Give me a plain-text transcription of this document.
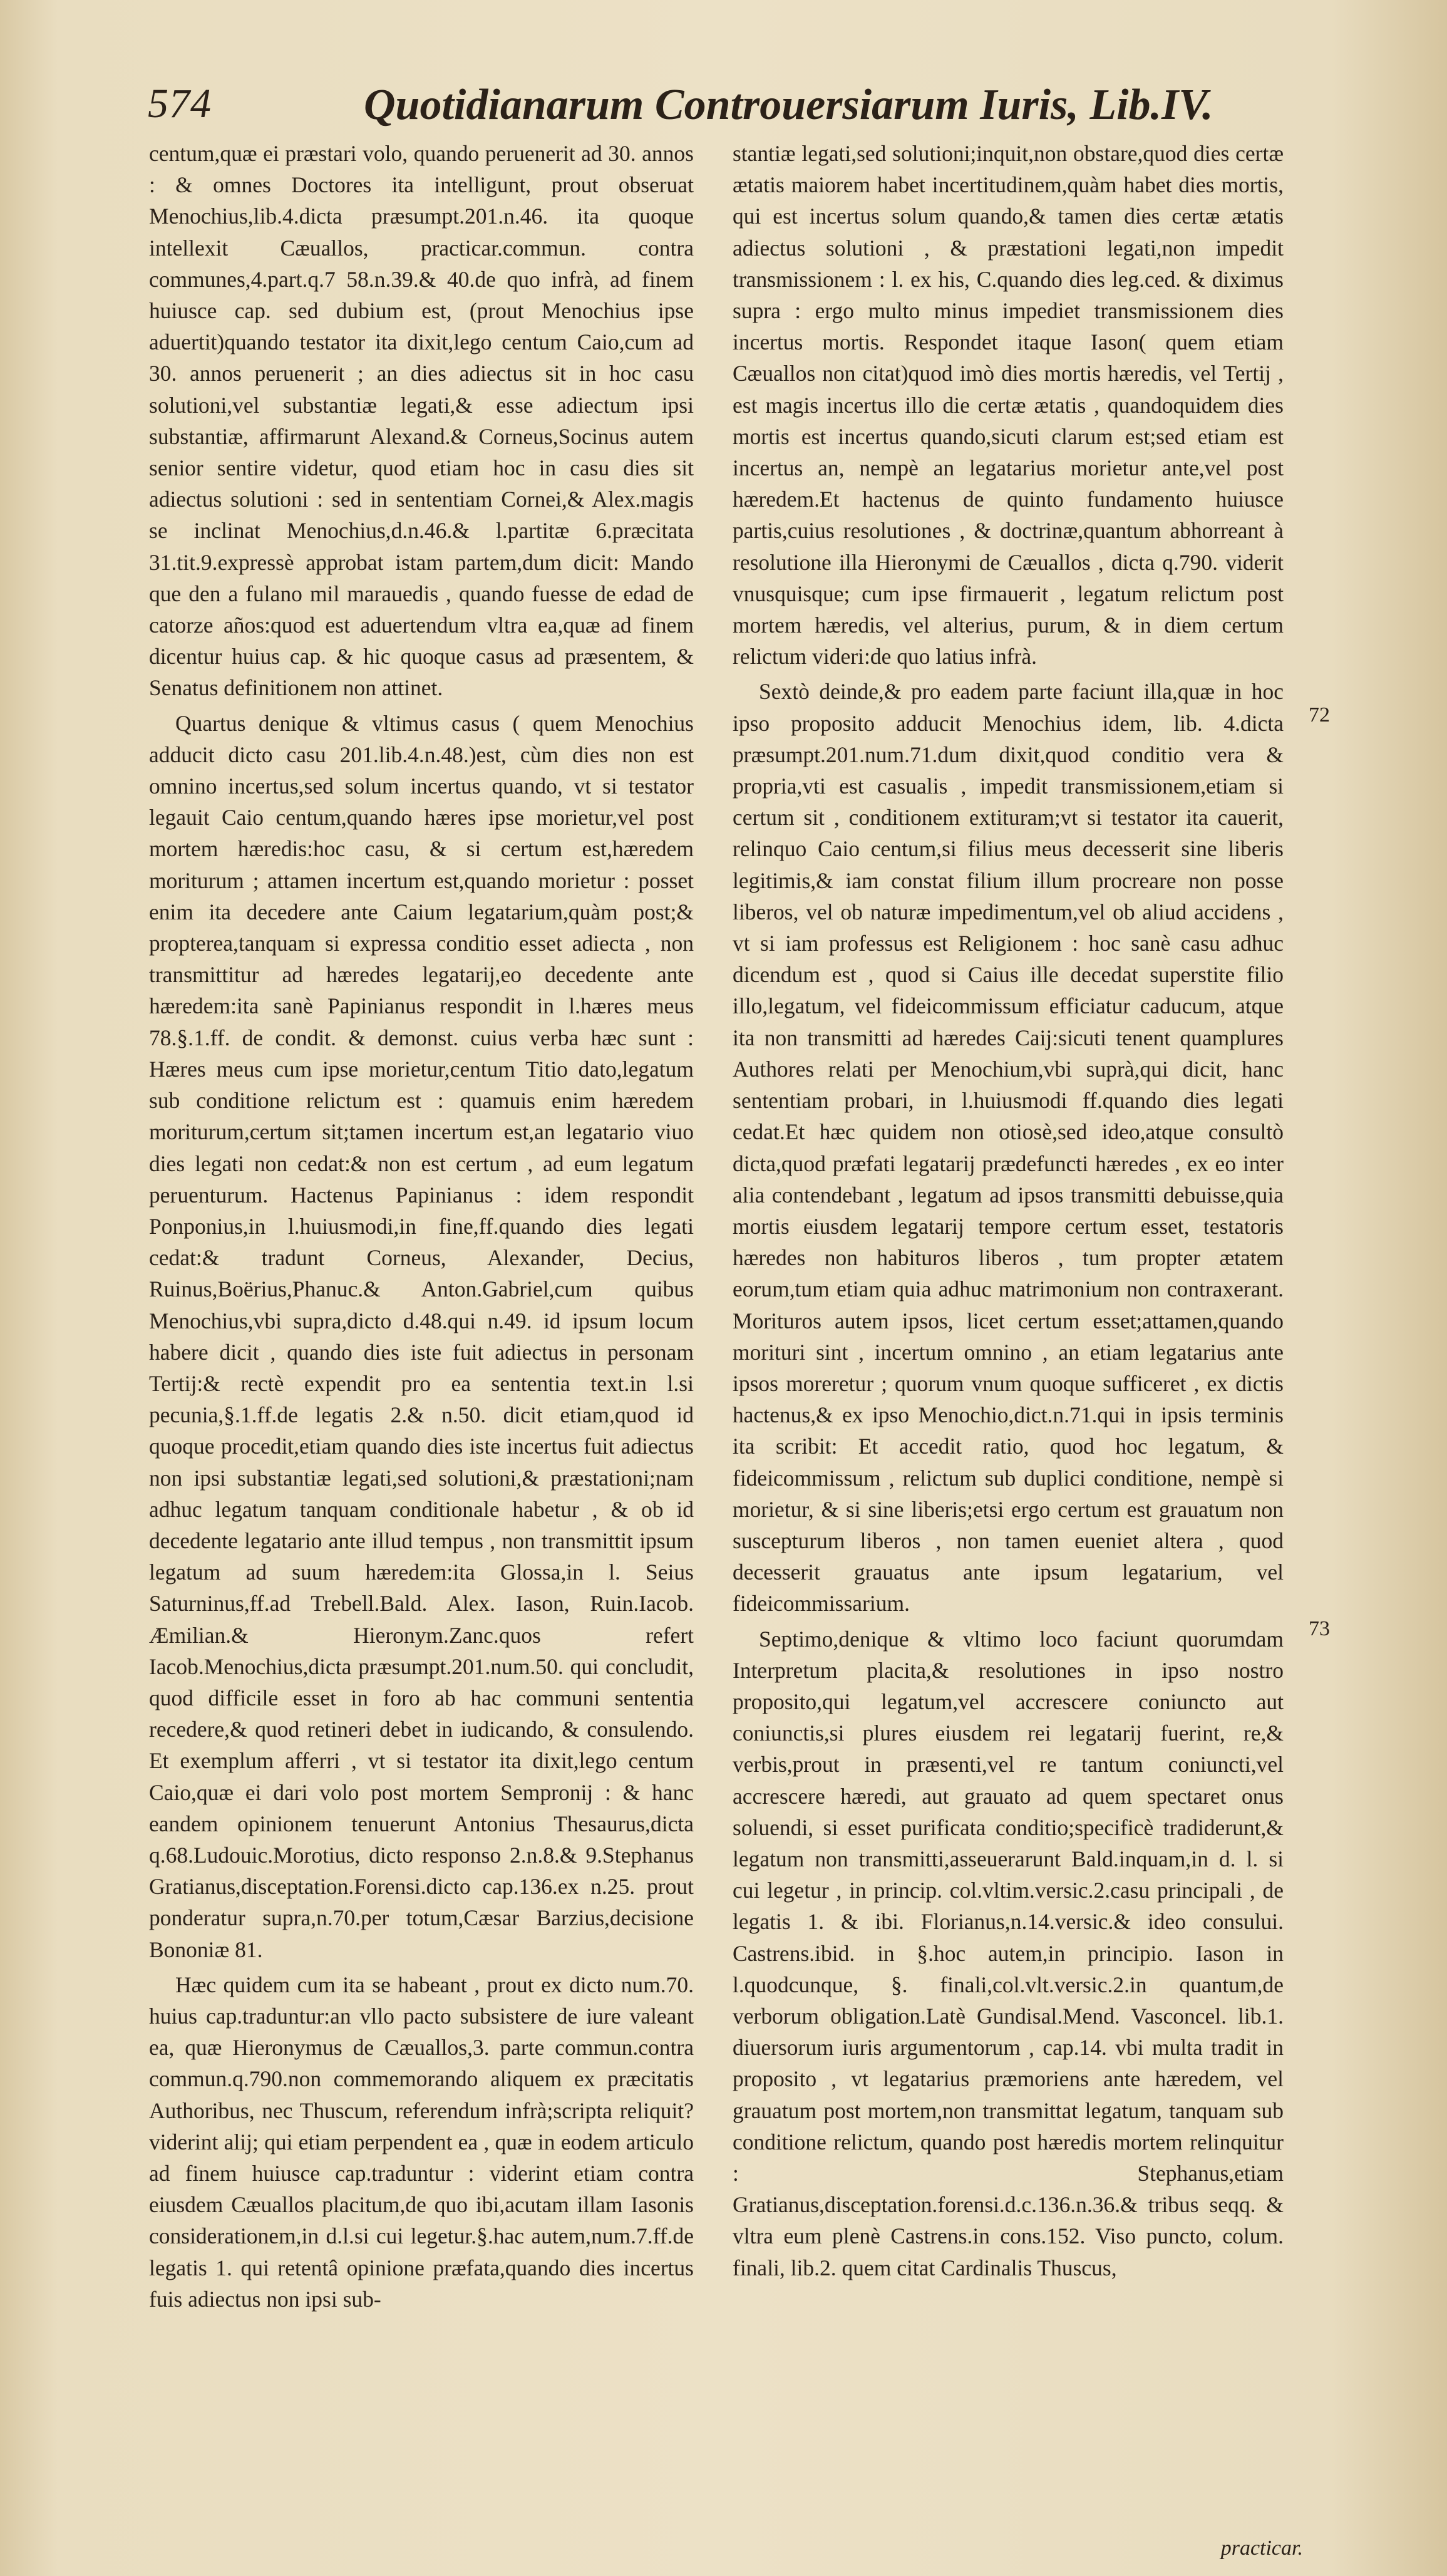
574	Quotidianarum Controuersiarum Iuris, Lib.IV.

centum,quæ ei præstari volo, quando peruenerit ad 30. annos : & omnes Doctores ita intelligunt, prout obseruat Menochius,lib.4.dicta præsumpt.201.n.46. ita quoque intellexit Cæuallos, practicar.commun. contra communes,4.part.q.7 58.n.39.& 40.de quo infrà, ad finem huiusce cap. sed dubium est, (prout Menochius ipse aduertit)quando testator ita dixit,lego centum Caio,cum ad 30. annos peruenerit ; an dies adiectus sit in hoc casu solutioni,vel substantiæ legati,& esse adiectum ipsi substantiæ, affirmarunt Alexand.& Corneus,Socinus autem senior sentire videtur, quod etiam hoc in casu dies sit adiectus solutioni : sed in sententiam Cornei,& Alex.magis se inclinat Menochius,d.n.46.& l.partitæ 6.præcitata 31.tit.9.expressè approbat istam partem,dum dicit: Mando que den a fulano mil marauedis , quando fuesse de edad de catorze años:quod est aduertendum vltra ea,quæ ad finem dicentur huius cap. & hic quoque casus ad præsentem, & Senatus definitionem non attinet.

Quartus denique & vltimus casus ( quem Menochius adducit dicto casu 201.lib.4.n.48.)est, cùm dies non est omnino incertus,sed solum incertus quando, vt si testator legauit Caio centum,quando hæres ipse morietur,vel post mortem hæredis:hoc casu, & si certum est,hæredem moriturum ; attamen incertum est,quando morietur : posset enim ita decedere ante Caium legatarium,quàm post;& propterea,tanquam si expressa conditio esset adiecta , non transmittitur ad hæredes legatarij,eo decedente ante hæredem:ita sanè Papinianus respondit in l.hæres meus 78.§.1.ff. de condit. & demonst. cuius verba hæc sunt : Hæres meus cum ipse morietur,centum Titio dato,legatum sub conditione relictum est : quamuis enim hæredem moriturum,certum sit;tamen incertum est,an legatario viuo dies legati non cedat:& non est certum , ad eum legatum peruenturum. Hactenus Papinianus : idem respondit Ponponius,in l.huiusmodi,in fine,ff.quando dies legati cedat:& tradunt Corneus, Alexander, Decius, Ruinus,Boërius,Phanuc.& Anton.Gabriel,cum quibus Menochius,vbi supra,dicto d.48.qui n.49. id ipsum locum habere dicit , quando dies iste fuit adiectus in personam Tertij:& rectè expendit pro ea sententia text.in l.si pecunia,§.1.ff.de legatis 2.& n.50. dicit etiam,quod id quoque procedit,etiam quando dies iste incertus fuit adiectus non ipsi substantiæ legati,sed solutioni,& præstationi;nam adhuc legatum tanquam conditionale habetur , & ob id decedente legatario ante illud tempus , non transmittit ipsum legatum ad suum hæredem:ita Glossa,in l. Seius Saturninus,ff.ad Trebell.Bald. Alex. Iason, Ruin.Iacob. Æmilian.& Hieronym.Zanc.quos refert Iacob.Menochius,dicta præsumpt.201.num.50. qui concludit, quod difficile esset in foro ab hac communi sententia recedere,& quod retineri debet in iudicando, & consulendo. Et exemplum afferri , vt si testator ita dixit,lego centum Caio,quæ ei dari volo post mortem Sempronij : & hanc eandem opinionem tenuerunt Antonius Thesaurus,dicta q.68.Ludouic.Morotius, dicto responso 2.n.8.& 9.Stephanus Gratianus,disceptation.Forensi.dicto cap.136.ex n.25. prout ponderatur supra,n.70.per totum,Cæsar Barzius,decisione Bononiæ 81.

Hæc quidem cum ita se habeant , prout ex dicto num.70. huius cap.traduntur:an vllo pacto subsistere de iure valeant ea, quæ Hieronymus de Cæuallos,3. parte commun.contra commun.q.790.non commemorando aliquem ex præcitatis Authoribus, nec Thuscum, referendum infrà;scripta reliquit?viderint alij; qui etiam perpendent ea , quæ in eodem articulo ad finem huiusce cap.traduntur : viderint etiam contra eiusdem Cæuallos placitum,de quo ibi,acutam illam Iasonis considerationem,in d.l.si cui legetur.§.hac autem,num.7.ff.de legatis 1. qui retentâ opinione præfata,quando dies incertus fuis adiectus non ipsi sub-

stantiæ legati,sed solutioni;inquit,non obstare,quod dies certæ ætatis maiorem habet incertitudinem,quàm habet dies mortis, qui est incertus solum quando,& tamen dies certæ ætatis adiectus solutioni , & præstationi legati,non impedit transmissionem : l. ex his, C.quando dies leg.ced. & diximus supra : ergo multo minus impediet transmissionem dies incertus mortis. Respondet itaque Iason( quem etiam Cæuallos non citat)quod imò dies mortis hæredis, vel Tertij , est magis incertus illo die certæ ætatis , quandoquidem dies mortis est incertus quando,sicuti clarum est;sed etiam est incertus an, nempè an legatarius morietur ante,vel post hæredem.Et hactenus de quinto fundamento huiusce partis,cuius resolutiones , & doctrinæ,quantum abhorreant à resolutione illa Hieronymi de Cæuallos , dicta q.790. viderit vnusquisque; cum ipse firmauerit , legatum relictum post mortem hæredis, vel alterius, purum, & in diem certum relictum videri:de quo latius infrà.

Sextò deinde,& pro eadem parte faciunt illa,quæ in hoc ipso proposito adducit Menochius idem, lib. 4.dicta præsumpt.201.num.71.dum dixit,quod conditio vera & propria,vti est casualis , impedit transmissionem,etiam si certum sit , conditionem extituram;vt si testator ita cauerit, relinquo Caio centum,si filius meus decesserit sine liberis legitimis,& iam constat filium illum procreare non posse liberos, vel ob naturæ impedimentum,vel ob aliud accidens , vt si iam professus est Religionem : hoc sanè casu adhuc dicendum est , quod si Caius ille decedat superstite filio illo,legatum, vel fideicommissum efficiatur caducum, atque ita non transmitti ad hæredes Caij:sicuti tenent quamplures Authores relati per Menochium,vbi suprà,qui dicit, hanc sententiam probari, in l.huiusmodi ff.quando dies legati cedat.Et hæc quidem non otiosè,sed ideo,atque consultò dicta,quod præfati legatarij prædefuncti hæredes , ex eo inter alia contendebant , legatum ad ipsos transmitti debuisse,quia mortis eiusdem legatarij tempore certum esset, testatoris hæredes non habituros liberos , tum propter ætatem eorum,tum etiam quia adhuc matrimonium non contraxerant. Morituros autem ipsos, licet certum esset;attamen,quando morituri sint , incertum omnino , an etiam legatarius ante ipsos moreretur ; quorum vnum quoque sufficeret , ex dictis hactenus,& ex ipso Menochio,dict.n.71.qui in ipsis terminis ita scribit: Et accedit ratio, quod hoc legatum, & fideicommissum , relictum sub duplici conditione, nempè si morietur, & si sine liberis;etsi ergo certum est grauatum non suscepturum liberos , non tamen eueniet altera , quod decesserit grauatus ante ipsum legatarium, vel fideicommissarium.

Septimo,denique & vltimo loco faciunt quorumdam Interpretum placita,& resolutiones in ipso nostro proposito,qui legatum,vel accrescere coniuncto aut coniunctis,si plures eiusdem rei legatarij fuerint, re,& verbis,prout in præsenti,vel re tantum coniuncti,vel accrescere hæredi, aut grauato ad quem spectaret onus soluendi, si esset purificata conditio;specificè tradiderunt,& legatum non transmitti,asseuerarunt Bald.inquam,in d. l. si cui legetur , in princip. col.vltim.versic.2.casu principali , de legatis 1. & ibi. Florianus,n.14.versic.& ideo consului. Castrens.ibid. in §.hoc autem,in principio. Iason in l.quodcunque, §. finali,col.vlt.versic.2.in quantum,de verborum obligation.Latè Gundisal.Mend. Vasconcel. lib.1. diuersorum iuris argumentorum , cap.14. vbi multa tradit in proposito , vt legatarius præmoriens ante hæredem, vel grauatum post mortem,non transmittat legatum, tanquam sub conditione relictum, quando post hæredis mortem relinquitur : Stephanus,etiam Gratianus,disceptation.forensi.d.c.136.n.36.& tribus seqq. & vltra eum plenè Castrens.in cons.152. Viso puncto, colum. finali, lib.2. quem citat Cardinalis Thuscus,

72
73
practicar.
